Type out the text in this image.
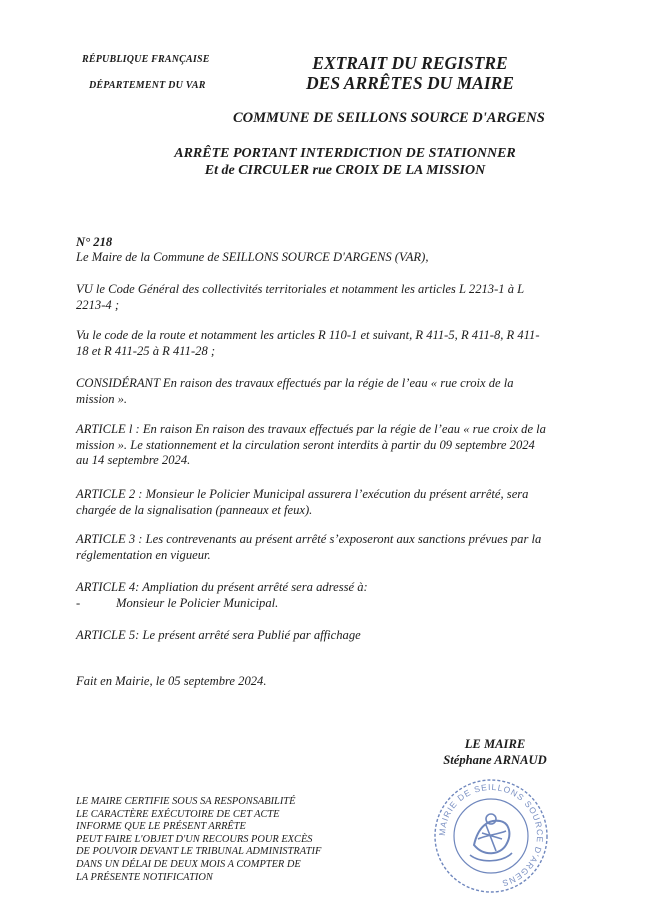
RÉPUBLIQUE FRANÇAISE
DÉPARTEMENT DU VAR
EXTRAIT DU REGISTRE
DES ARRÊTES DU MAIRE
COMMUNE DE SEILLONS SOURCE D'ARGENS
ARRÊTE PORTANT INTERDICTION DE STATIONNER
Et de CIRCULER rue CROIX DE LA MISSION
N° 218
Le Maire de la Commune de SEILLONS SOURCE D'ARGENS (VAR),
VU le Code Général des collectivités territoriales et notamment les articles L 2213-1 à L
2213-4 ;
Vu le code de la route et notamment les articles R 110-1 et suivant, R 411-5, R 411-8, R 411-
18 et R 411-25 à R 411-28 ;
CONSIDÉRANT En raison des travaux effectués par la régie de l’eau « rue croix de la
mission ».
ARTICLE l : En raison En raison des travaux effectués par la régie de l’eau « rue croix de la
mission ». Le stationnement et la circulation seront interdits à partir du 09 septembre 2024
au 14 septembre 2024.
ARTICLE 2 : Monsieur le Policier Municipal assurera l’exécution du présent arrêté, sera
chargée de la signalisation (panneaux et feux).
ARTICLE 3 : Les contrevenants au présent arrêté s’exposeront aux sanctions prévues par la
réglementation en vigueur.
ARTICLE 4: Ampliation du présent arrêté sera adressé à:
-	Monsieur le Policier Municipal.
ARTICLE 5: Le présent arrêté sera Publié par affichage
Fait en Mairie, le 05 septembre 2024.
LE MAIRE
Stéphane ARNAUD
LE MAIRE CERTIFIE SOUS SA RESPONSABILITÉ
LE CARACTÈRE EXÉCUTOIRE DE CET ACTE
INFORME QUE LE PRÉSENT ARRÊTE
PEUT FAIRE L'OBJET D'UN RECOURS POUR EXCÈS
DE POUVOIR DEVANT LE TRIBUNAL ADMINISTRATIF
DANS UN DÉLAI DE DEUX MOIS A COMPTER DE
LA PRÉSENTE NOTIFICATION
MAIRIE DE SEILLONS SOURCE D'ARGENS
